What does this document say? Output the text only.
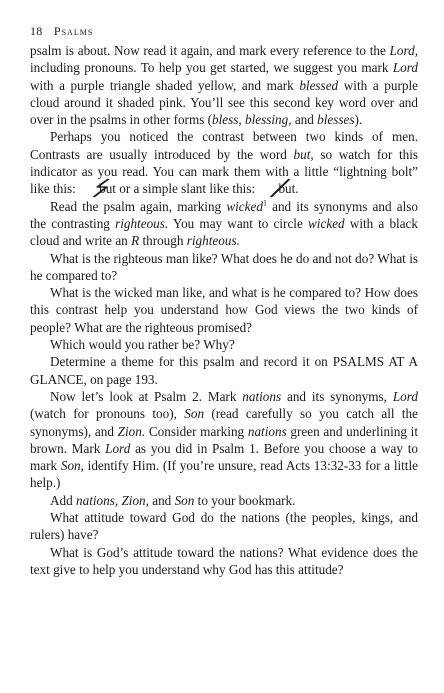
18 Psalms

psalm is about. Now read it again, and mark every reference to the Lord, including pronouns. To help you get started, we suggest you mark Lord with a purple triangle shaded yellow, and mark blessed with a purple cloud around it shaded pink. You’ll see this second key word over and over in the psalms in other forms (bless, blessing, and blesses).

Perhaps you noticed the contrast between two kinds of men. Contrasts are usually introduced by the word but, so watch for this indicator as you read. You can mark them with a little “lightning bolt” like this: but
or a simple slant like this: but
.

Read the psalm again, marking wicked$^1$ and its synonyms and also the contrasting righteous. You may want to circle wicked with a black cloud and write an R through righteous.

What is the righteous man like? What does he do and not do? What is he compared to?

What is the wicked man like, and what is he compared to? How does this contrast help you understand how God views the two kinds of people? What are the righteous promised?

Which would you rather be? Why?

Determine a theme for this psalm and record it on PSALMS AT A GLANCE, on page 193.

Now let’s look at Psalm 2. Mark nations and its synonyms, Lord (watch for pronouns too), Son (read carefully so you catch all the synonyms), and Zion. Consider marking nations green and underlining it brown. Mark Lord as you did in Psalm 1. Before you choose a way to mark Son, identify Him. (If you’re unsure, read Acts 13:32-33 for a little help.)

Add nations, Zion, and Son to your bookmark.

What attitude toward God do the nations (the peoples, kings, and rulers) have?

What is God’s attitude toward the nations? What evidence does the text give to help you understand why God has this attitude?
